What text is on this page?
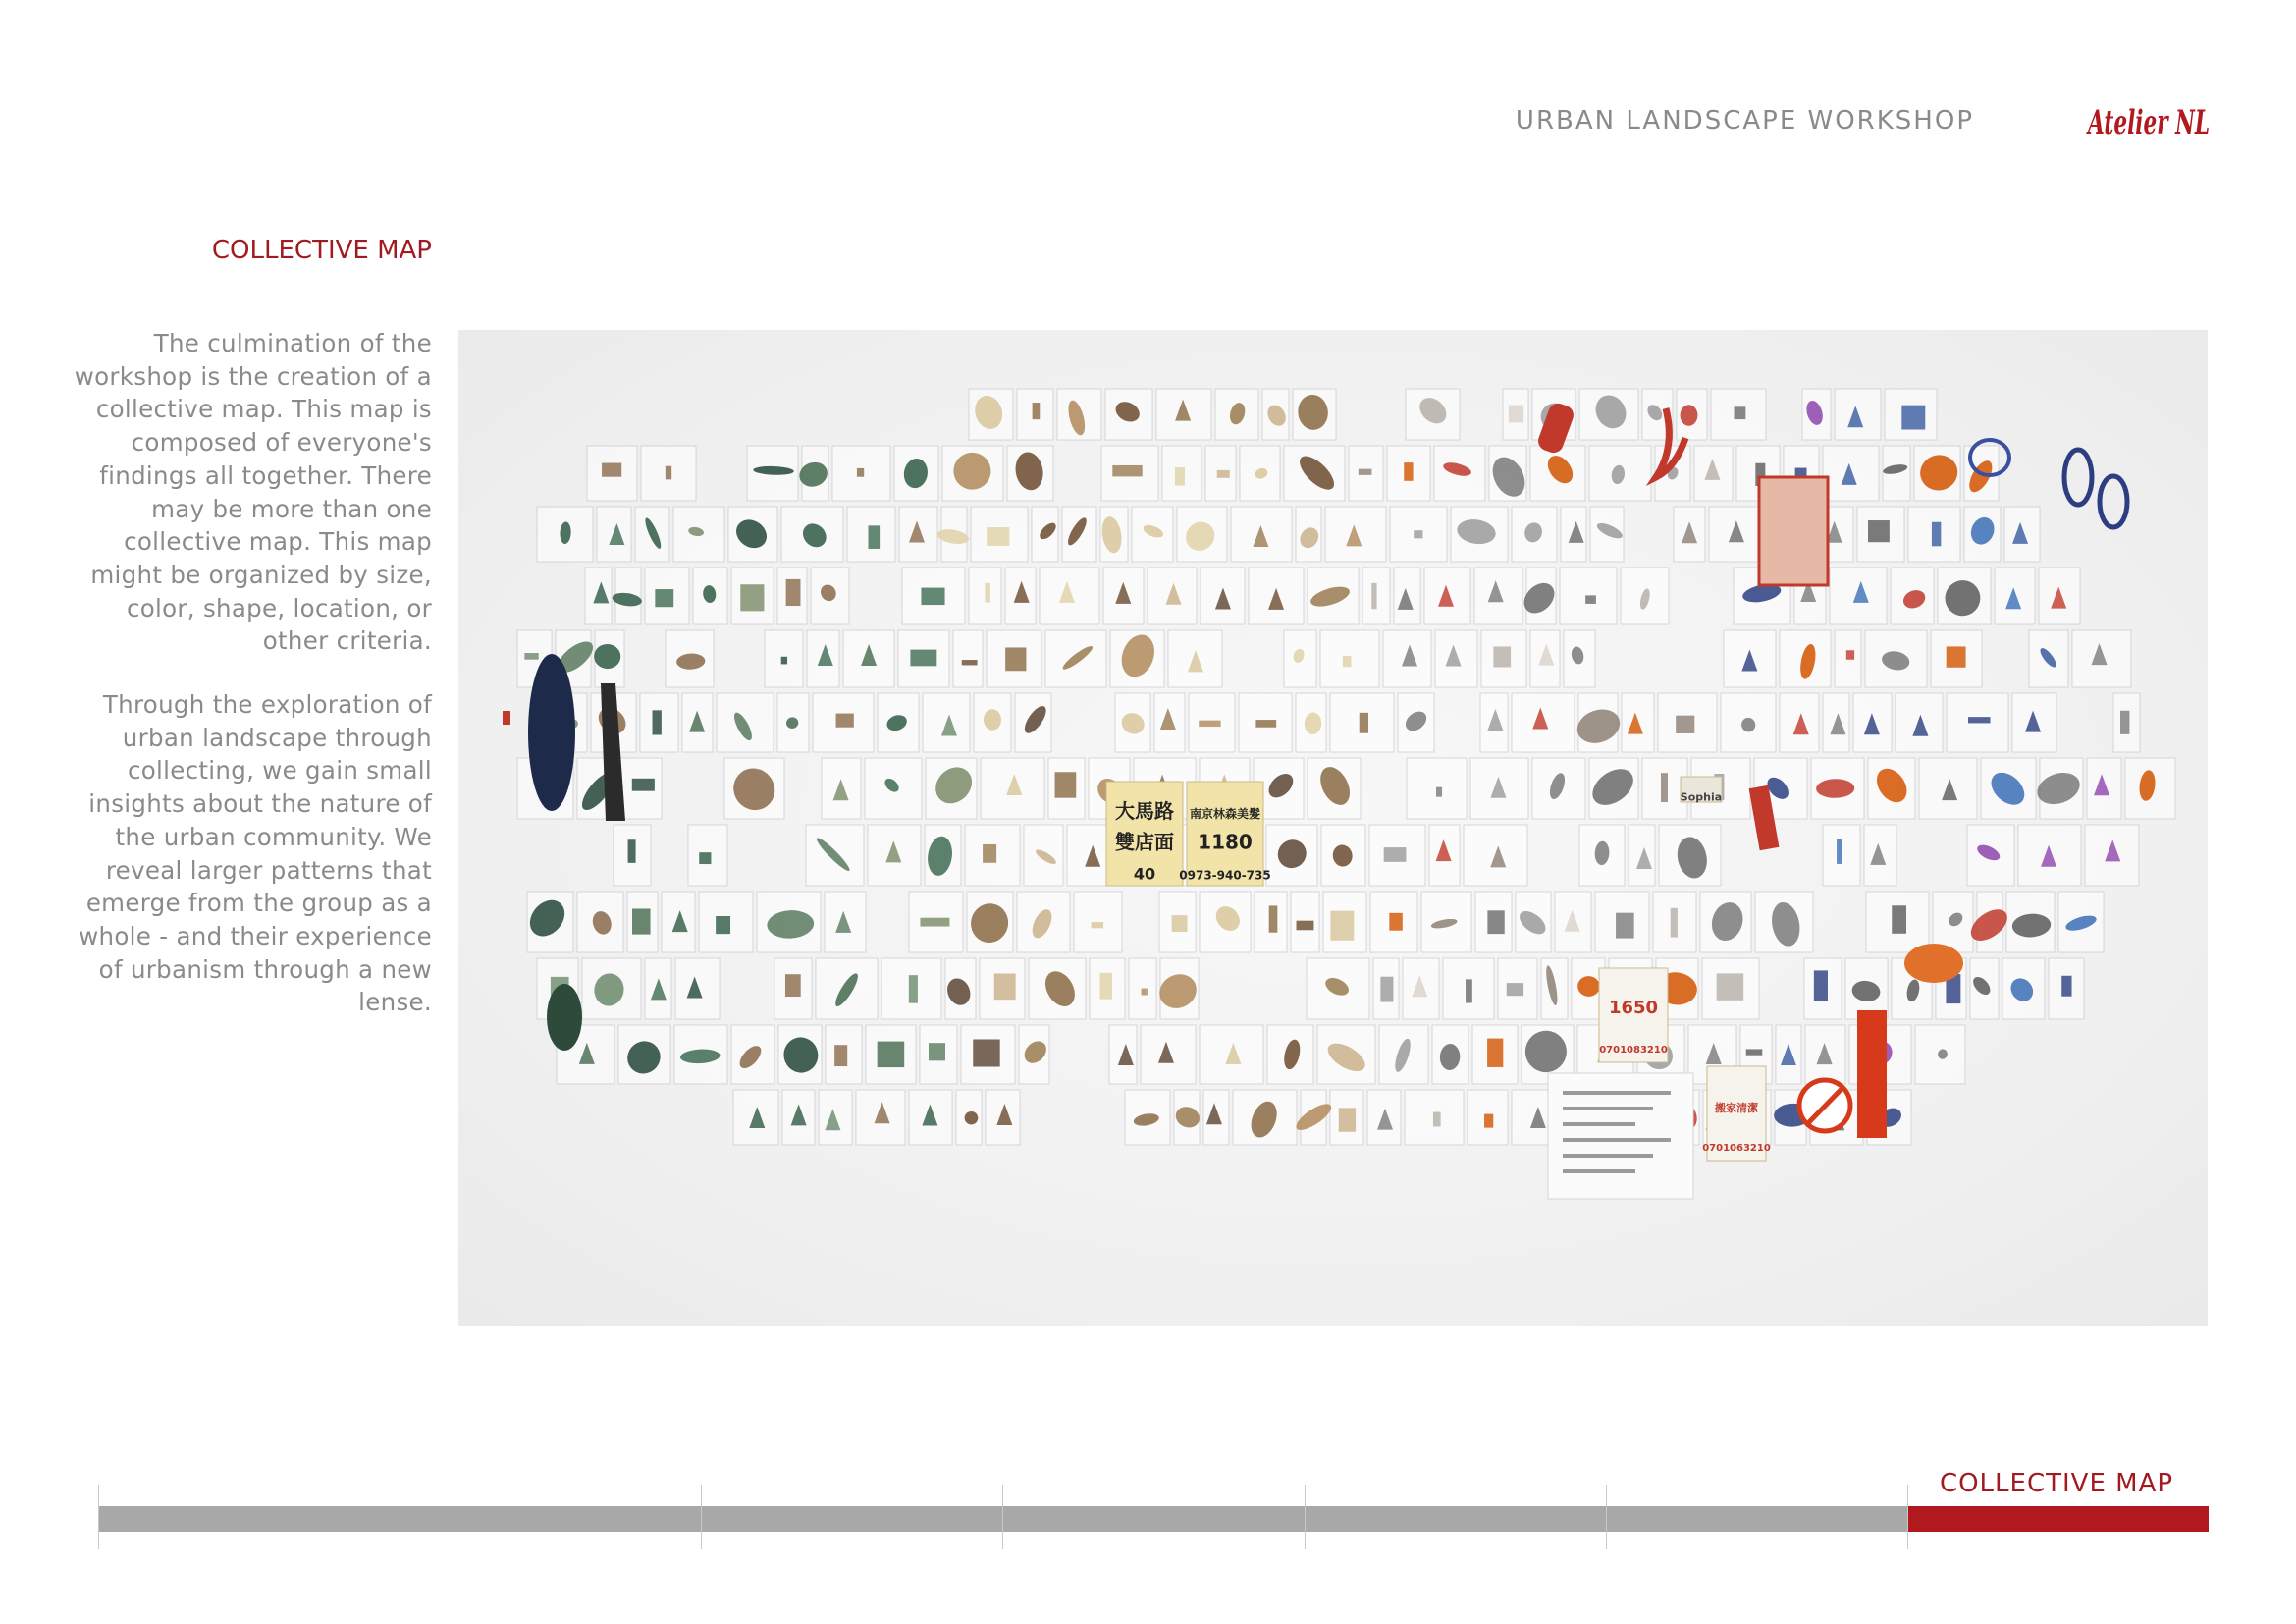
URBAN LANDSCAPE WORKSHOP	Atelier NL
COLLECTIVE MAP
The culmination of the workshop is the creation of a collective map. This map is composed of everyone's findings all together. There may be more than one collective map. This map might be organized by size, color, shape, location, or other criteria.
Through the exploration of urban landscape through collecting, we gain small insights about the nature of the urban community. We reveal larger patterns that emerge from the group as a whole - and their experience of urbanism through a new lense.
大馬路
雙店面
40
南京林森美髮
1180
0973-940-735
Sophia
1650
0701083210
搬家清潔
0701063210
COLLECTIVE MAP
